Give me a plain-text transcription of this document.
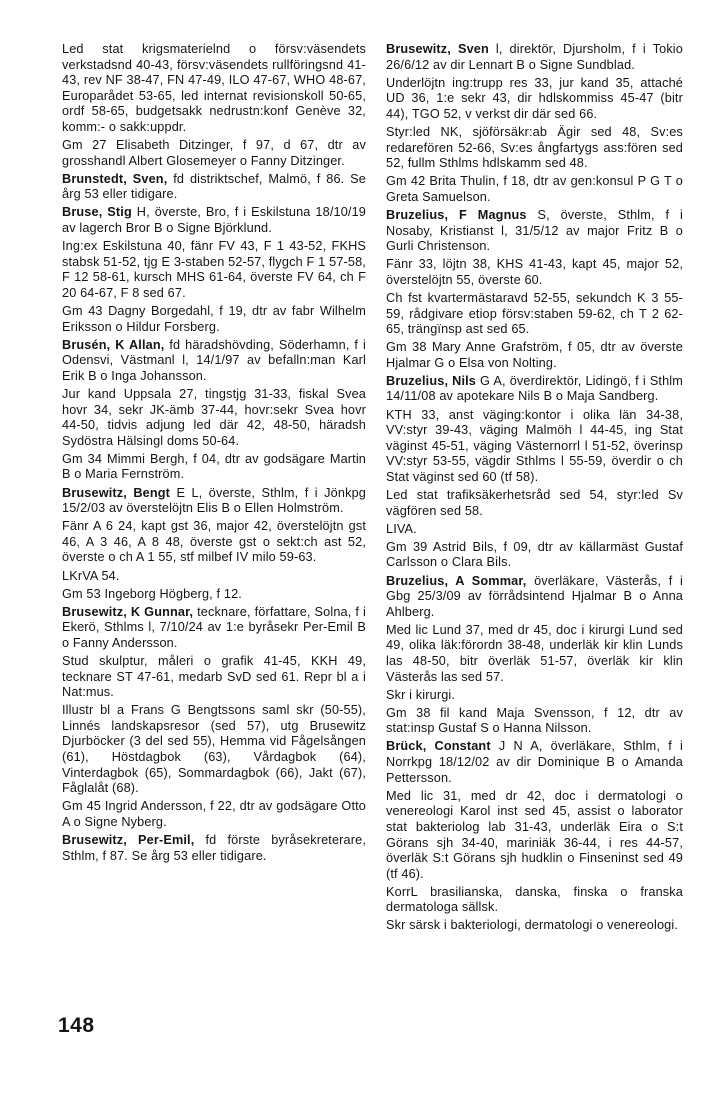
Led stat krigsmaterielnd o försv:väsendets verkstadsnd 40-43, försv:väsendets rullföringsnd 41-43, rev NF 38-47, FN 47-49, ILO 47-67, WHO 48-67, Europarådet 53-65, led internat revisionskoll 50-65, ordf 58-65, budgetsakk nedrustn:konf Genève 32, komm:- o sakk:uppdr.

Gm 27 Elisabeth Ditzinger, f 97, d 67, dtr av grosshandl Albert Glosemeyer o Fanny Ditzinger.

Brunstedt, Sven, fd distriktschef, Malmö, f 86. Se årg 53 eller tidigare.

Bruse, Stig H, överste, Bro, f i Eskilstuna 18/10/19 av lagerch Bror B o Signe Björklund.

Ing:ex Eskilstuna 40, fänr FV 43, F 1 43-52, FKHS stabsk 51-52, tjg E 3-staben 52-57, flygch F 1 57-58, F 12 58-61, kursch MHS 61-64, överste FV 64, ch F 20 64-67, F 8 sed 67.

Gm 43 Dagny Borgedahl, f 19, dtr av fabr Wilhelm Eriksson o Hildur Forsberg.

Brusén, K Allan, fd häradshövding, Söderhamn, f i Odensvi, Västmanl l, 14/1/97 av befalln:man Karl Erik B o Inga Johansson.

Jur kand Uppsala 27, tingstjg 31-33, fiskal Svea hovr 34, sekr JK-ämb 37-44, hovr:sekr Svea hovr 44-50, tidvis adjung led där 42, 48-50, häradsh Sydöstra Hälsingl doms 50-64.

Gm 34 Mimmi Bergh, f 04, dtr av godsägare Martin B o Maria Fernström.

Brusewitz, Bengt E L, överste, Sthlm, f i Jönkpg 15/2/03 av överstelöjtn Elis B o Ellen Holmström.

Fänr A 6 24, kapt gst 36, major 42, överstelöjtn gst 46, A 3 46, A 8 48, överste gst o sekt:ch ast 52, överste o ch A 1 55, stf milbef IV milo 59-63.

LKrVA 54.

Gm 53 Ingeborg Högberg, f 12.

Brusewitz, K Gunnar, tecknare, författare, Solna, f i Ekerö, Sthlms l, 7/10/24 av 1:e byråsekr Per-Emil B o Fanny Andersson.

Stud skulptur, måleri o grafik 41-45, KKH 49, tecknare ST 47-61, medarb SvD sed 61. Repr bl a i Nat:mus.

Illustr bl a Frans G Bengtssons saml skr (50-55), Linnés landskapsresor (sed 57), utg Brusewitz Djurböcker (3 del sed 55), Hemma vid Fågelsången (61), Höstdagbok (63), Vårdagbok (64), Vinterdagbok (65), Sommardagbok (66), Jakt (67), Fåglalåt (68).

Gm 45 Ingrid Andersson, f 22, dtr av godsägare Otto A o Signe Nyberg.

Brusewitz, Per-Emil, fd förste byråsekreterare, Sthlm, f 87. Se årg 53 eller tidigare.

Brusewitz, Sven l, direktör, Djursholm, f i Tokio 26/6/12 av dir Lennart B o Signe Sundblad.

Underlöjtn ing:trupp res 33, jur kand 35, attaché UD 36, 1:e sekr 43, dir hdlskommiss 45-47 (bitr 44), TGO 52, v verkst dir där sed 66.

Styr:led NK, sjöförsäkr:ab Ägir sed 48, Sv:es redarefören 52-66, Sv:es ångfartygs ass:fören sed 52, fullm Sthlms hdlskamm sed 48.

Gm 42 Brita Thulin, f 18, dtr av gen:konsul P G T o Greta Samuelson.

Bruzelius, F Magnus S, överste, Sthlm, f i Nosaby, Kristianst l, 31/5/12 av major Fritz B o Gurli Christenson.

Fänr 33, löjtn 38, KHS 41-43, kapt 45, major 52, överstelöjtn 55, överste 60.

Ch fst kvartermästaravd 52-55, sekundch K 3 55-59, rådgivare etiop försv:staben 59-62, ch T 2 62-65, trängïnsp ast sed 65.

Gm 38 Mary Anne Grafström, f 05, dtr av överste Hjalmar G o Elsa von Nolting.

Bruzelius, Nils G A, överdirektör, Lidingö, f i Sthlm 14/11/08 av apotekare Nils B o Maja Sandberg.

KTH 33, anst väging:kontor i olika län 34-38, VV:styr 39-43, väging Malmöh l 44-45, ing Stat väginst 45-51, väging Västernorrl l 51-52, överinsp VV:styr 53-55, vägdir Sthlms l 55-59, överdir o ch Stat väginst sed 60 (tf 58).

Led stat trafiksäkerhetsråd sed 54, styr:led Sv vägfören sed 58.

LIVA.

Gm 39 Astrid Bils, f 09, dtr av källarmäst Gustaf Carlsson o Clara Bils.

Bruzelius, A Sommar, överläkare, Västerås, f i Gbg 25/3/09 av förrådsintend Hjalmar B o Anna Ahlberg.

Med lic Lund 37, med dr 45, doc i kirurgi Lund sed 49, olika läk:förordn 38-48, underläk kir klin Lunds las 48-50, bitr överläk 51-57, överläk kir klin Västerås las sed 57.

Skr i kirurgi.

Gm 38 fil kand Maja Svensson, f 12, dtr av stat:insp Gustaf S o Hanna Nilsson.

Brück, Constant J N A, överläkare, Sthlm, f i Norrkpg 18/12/02 av dir Dominique B o Amanda Pettersson.

Med lic 31, med dr 42, doc i dermatologi o venereologi Karol inst sed 45, assist o laborator stat bakteriolog lab 31-43, underläk Eira o S:t Görans sjh 34-40, mariniäk 36-44, i res 44-57, överläk S:t Görans sjh hudklin o Finseninst sed 49 (tf 46).

KorrL brasilianska, danska, finska o franska dermatologa sällsk.

Skr särsk i bakteriologi, dermatologi o venereologi.

148
